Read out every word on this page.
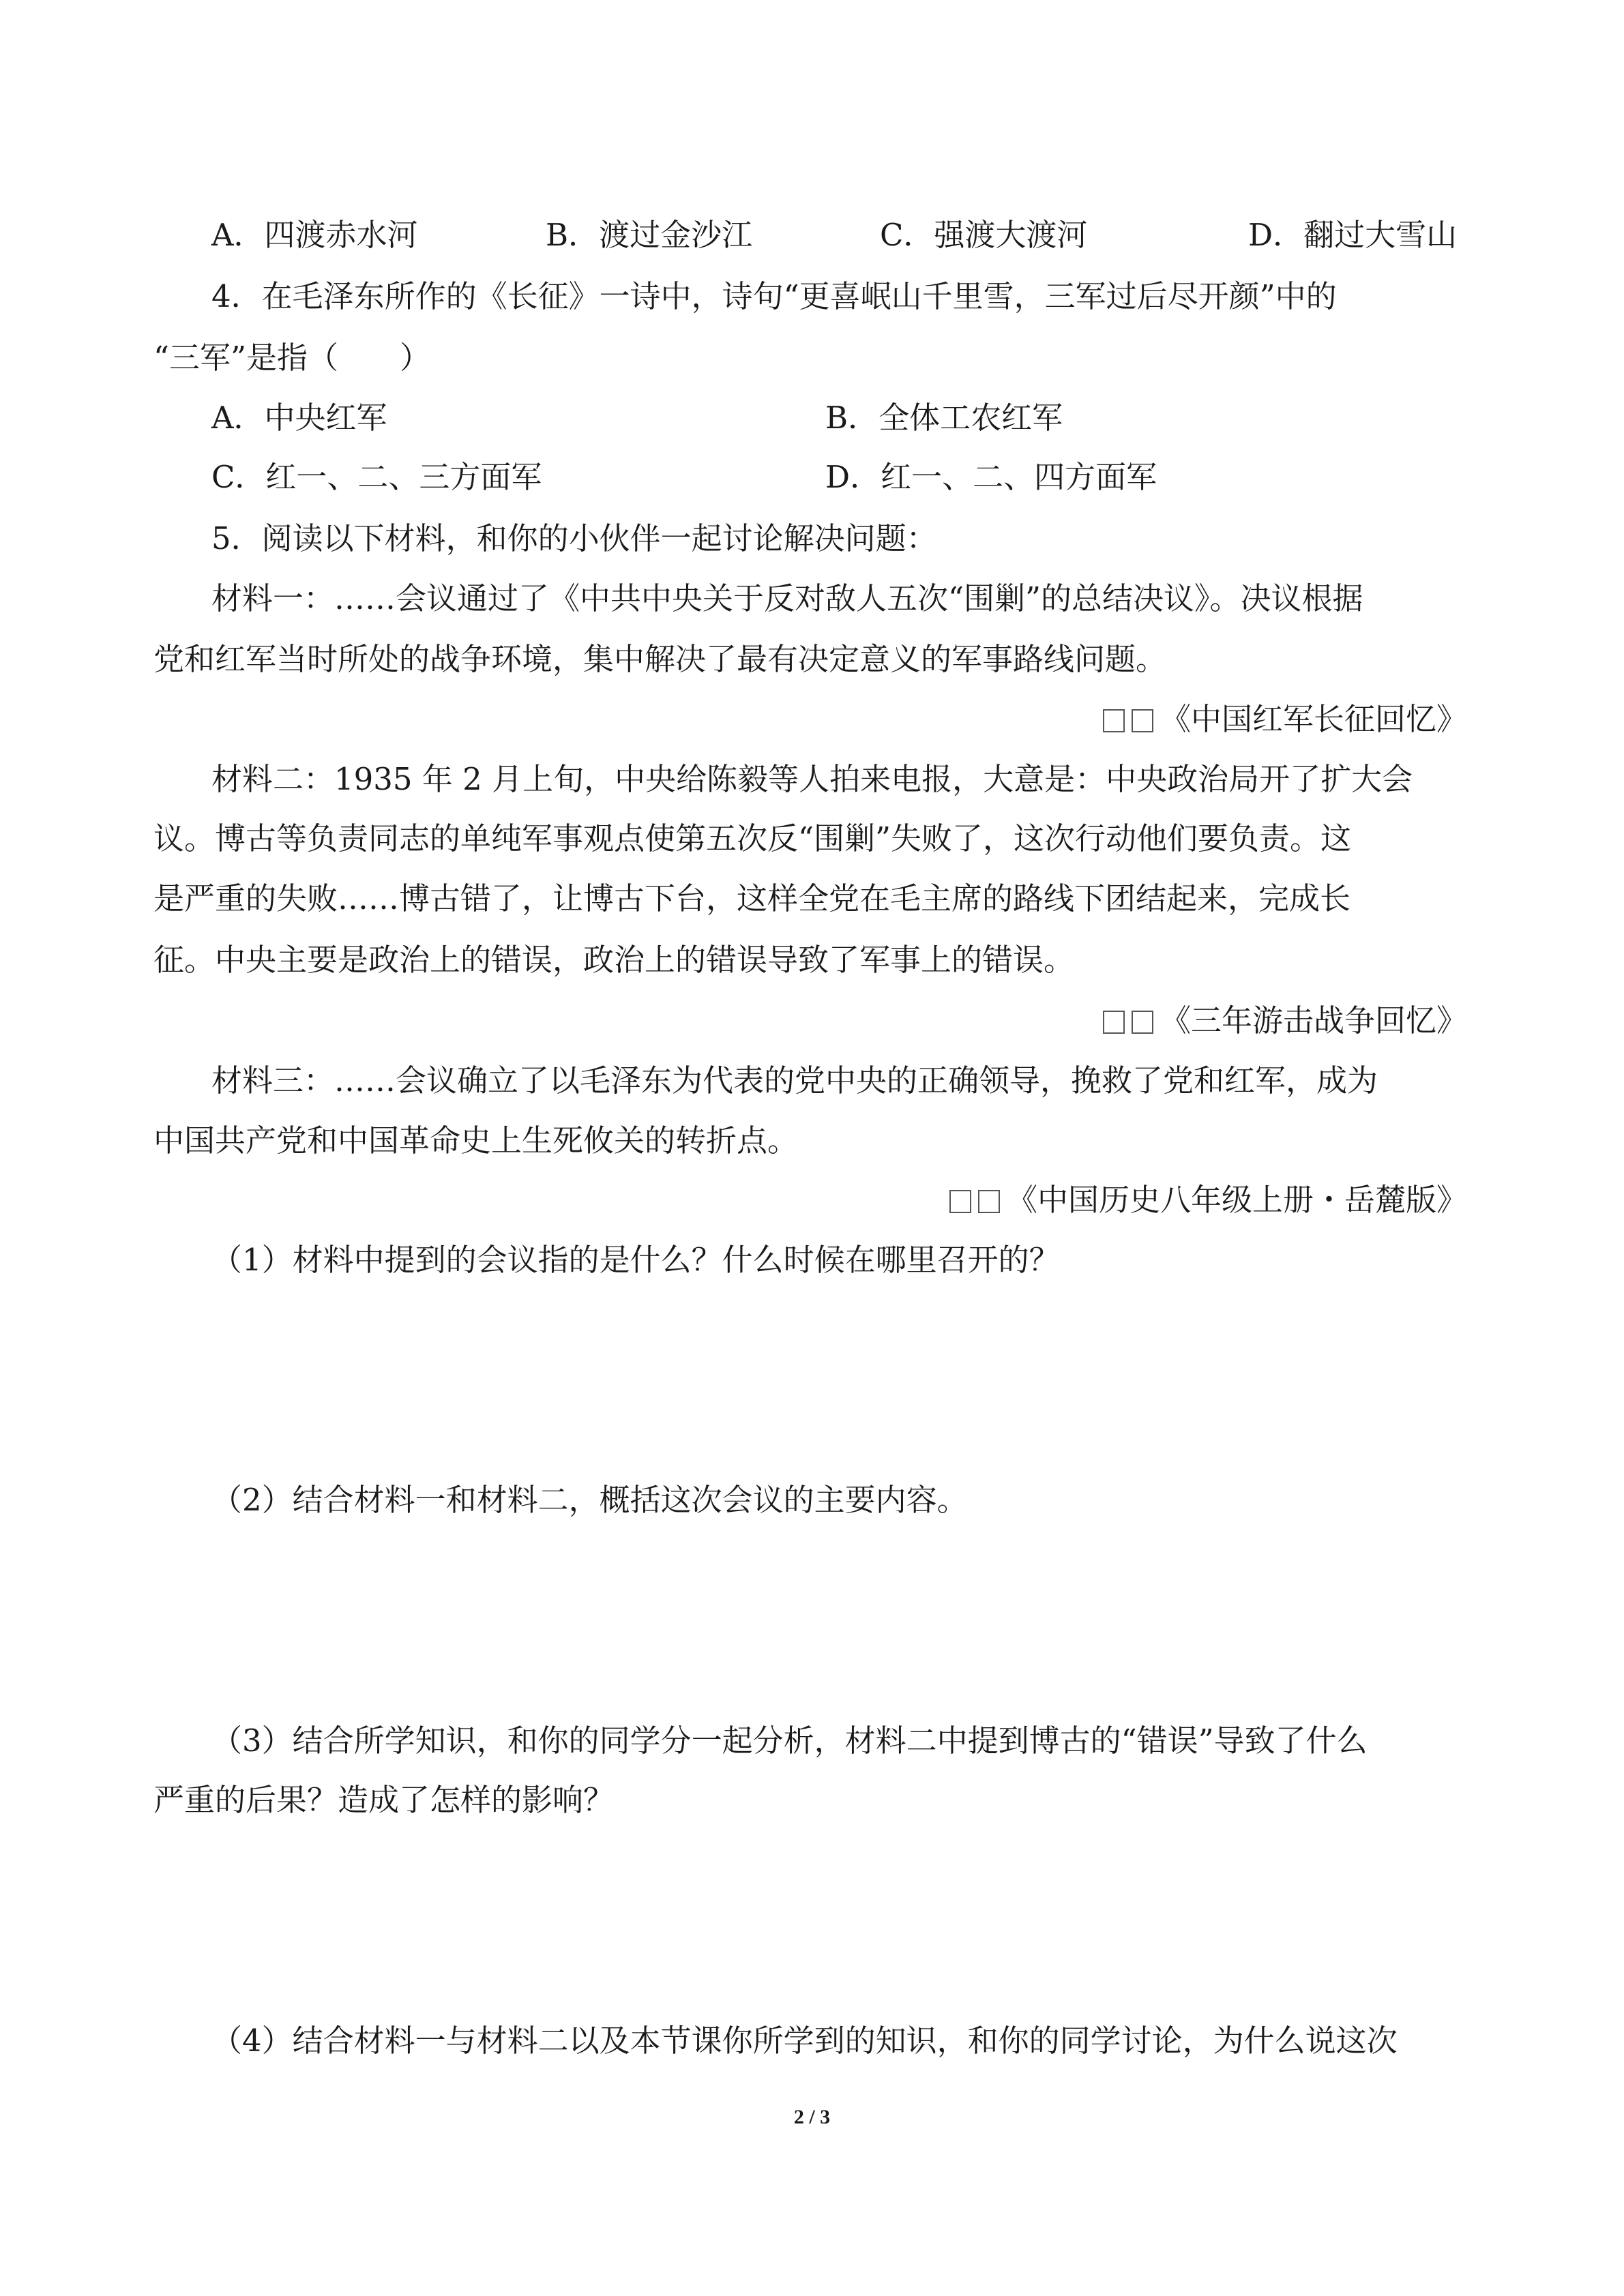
A．四渡赤水河	B．渡过金沙江	C．强渡大渡河	D．翻过大雪山
4．在毛泽东所作的《长征》一诗中，诗句“更喜岷山千里雪，三军过后尽开颜”中的
“三军”是指（　　）
A．中央红军	B．全体工农红军
C．红一、二、三方面军	D．红一、二、四方面军
5．阅读以下材料，和你的小伙伴一起讨论解决问题：
材料一：……会议通过了《中共中央关于反对敌人五次“围剿”的总结决议》。决议根据
党和红军当时所处的战争环境，集中解决了最有决定意义的军事路线问题。
《中国红军长征回忆》
材料二：1935 年 2 月上旬，中央给陈毅等人拍来电报，大意是：中央政治局开了扩大会
议。博古等负责同志的单纯军事观点使第五次反“围剿”失败了，这次行动他们要负责。这
是严重的失败……博古错了，让博古下台，这样全党在毛主席的路线下团结起来，完成长
征。中央主要是政治上的错误，政治上的错误导致了军事上的错误。
《三年游击战争回忆》
材料三：……会议确立了以毛泽东为代表的党中央的正确领导，挽救了党和红军，成为
中国共产党和中国革命史上生死攸关的转折点。
《中国历史八年级上册・岳麓版》
（1）材料中提到的会议指的是什么？什么时候在哪里召开的？
（2）结合材料一和材料二，概括这次会议的主要内容。
（3）结合所学知识，和你的同学分一起分析，材料二中提到博古的“错误”导致了什么
严重的后果？造成了怎样的影响？
（4）结合材料一与材料二以及本节课你所学到的知识，和你的同学讨论，为什么说这次
2 / 3
